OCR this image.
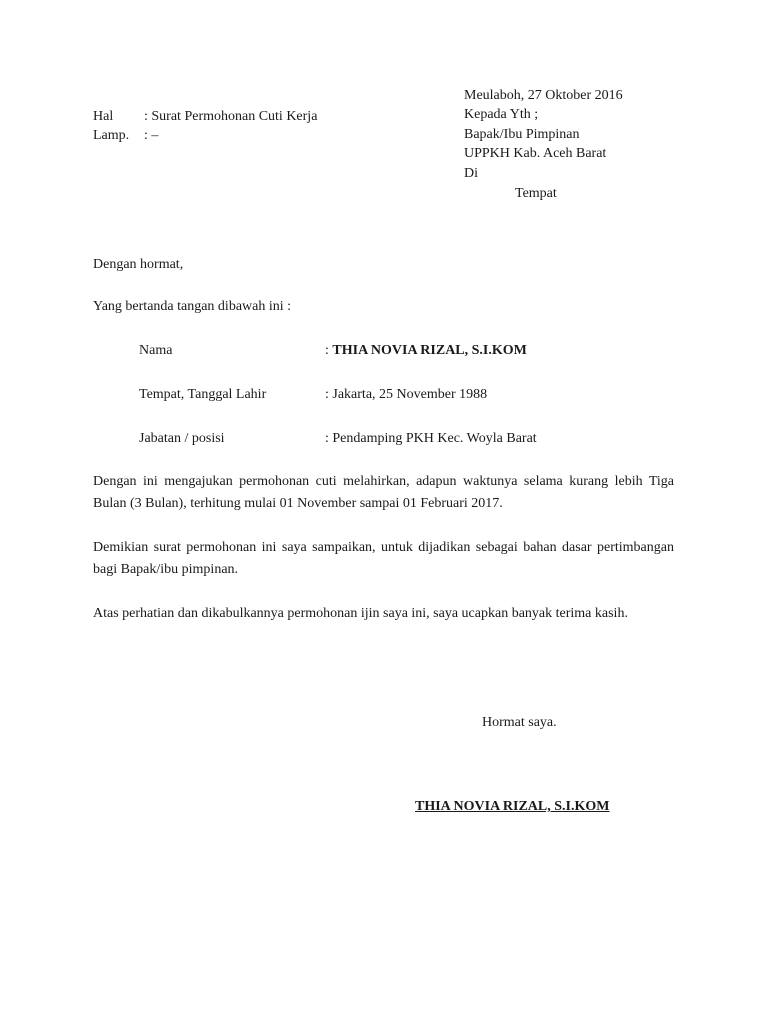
Meulaboh, 27 Oktober 2016
Kepada Yth ;
Bapak/Ibu Pimpinan
UPPKH Kab. Aceh Barat
Di
Tempat
Hal : Surat Permohonan Cuti Kerja
Lamp. : –
Dengan hormat,
Yang bertanda tangan dibawah ini :
Nama	: THIA NOVIA RIZAL, S.I.KOM
Tempat, Tanggal Lahir	: Jakarta, 25 November 1988
Jabatan / posisi	: Pendamping PKH Kec. Woyla Barat
Dengan ini mengajukan permohonan cuti melahirkan, adapun waktunya selama kurang lebih Tiga Bulan (3 Bulan), terhitung mulai 01 November sampai 01 Februari 2017.
Demikian surat permohonan ini saya sampaikan, untuk dijadikan sebagai bahan dasar pertimbangan bagi Bapak/ibu pimpinan.
Atas perhatian dan dikabulkannya permohonan ijin saya ini, saya ucapkan banyak terima kasih.
Hormat saya.
THIA NOVIA RIZAL, S.I.KOM
